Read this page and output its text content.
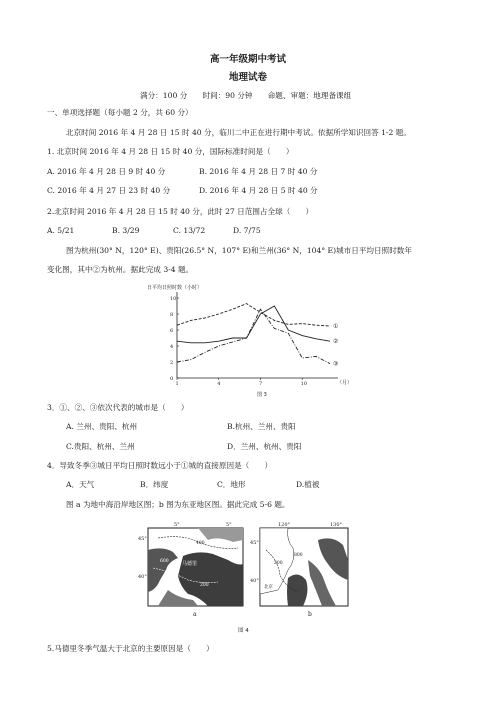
高一年级期中考试
地理试卷
满分：100 分　　时间：90 分钟　　命题、审题：地理备课组
一、单项选择题（每小题 2 分，共 60 分）
北京时间 2016 年 4 月 28 日 15 时 40 分，临川二中正在进行期中考试。依据所学知识回答 1-2 题。
1. 北京时间 2016 年 4 月 28 日 15 时 40 分，国际标准时间是（　　）
A. 2016 年 4 月 28 日 9 时 40 分	B. 2016 年 4 月 28 日 7 时 40 分
C. 2016 年 4 月 27 日 23 时 40 分	D. 2016 年 4 月 28 日 5 时 40 分
2.北京时间 2016 年 4 月 28 日 15 时 40 分，此时 27 日范围占全球（　　）
A. 5/21	B. 3/29	C. 13/72	D. 7/75
图为杭州(30° N，120° E)、贵阳(26.5° N，107° E)和兰州(36° N，104° E)城市日平均日照时数年
变化图，其中②为杭州。据此完成 3-4 题。
日平均日照时数（小时）
0
2
4
6
8
10
1	4	7	10
①
②
③
（月）
图 3
3．①、②、③依次代表的城市是（　　）
A. 兰州、贵阳、杭州	B.杭州、兰州、贵阳
C.贵阳、杭州、兰州	D．兰州、杭州、贵阳
4．导致冬季③城日平均日照时数远小于①城的直接原因是（　　）
A．天气	B．纬度	C．地形	D.植被
图 a 为地中海沿岸地区图；b 图为东亚地区图。据此完成 5-6 题。
5°	5°
45°
40°
马德里
400
600
200
a
120°	130°
45°
40°
北京
800
200
b
图 4
5.马德里冬季气温大于北京的主要原因是（　　）
